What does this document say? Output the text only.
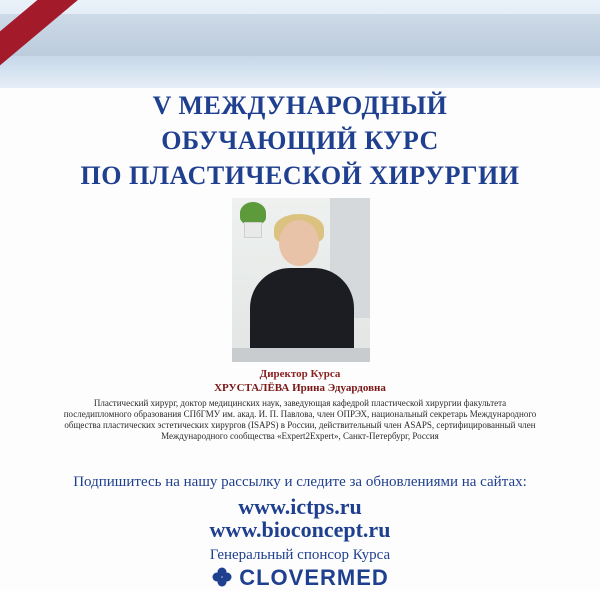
V МЕЖДУНАРОДНЫЙ
ОБУЧАЮЩИЙ КУРС
ПО ПЛАСТИЧЕСКОЙ ХИРУРГИИ
Директор Курса
ХРУСТАЛЁВА Ирина Эдуардовна
Пластический хирург, доктор медицинских наук, заведующая кафедрой пластической хирургии факультета последипломного образования СПбГМУ им. акад. И. П. Павлова, член ОПРЭХ, национальный секретарь Международного общества пластических эстетических хирургов (ISAPS) в России, действительный член ASAPS, сертифицированный член Международного сообщества «Expert2Expert», Санкт-Петербург, Россия
Подпишитесь на нашу рассылку и следите за обновлениями на сайтах:
www.ictps.ru
www.bioconcept.ru
Генеральный спонсор Курса
CLOVERMED
